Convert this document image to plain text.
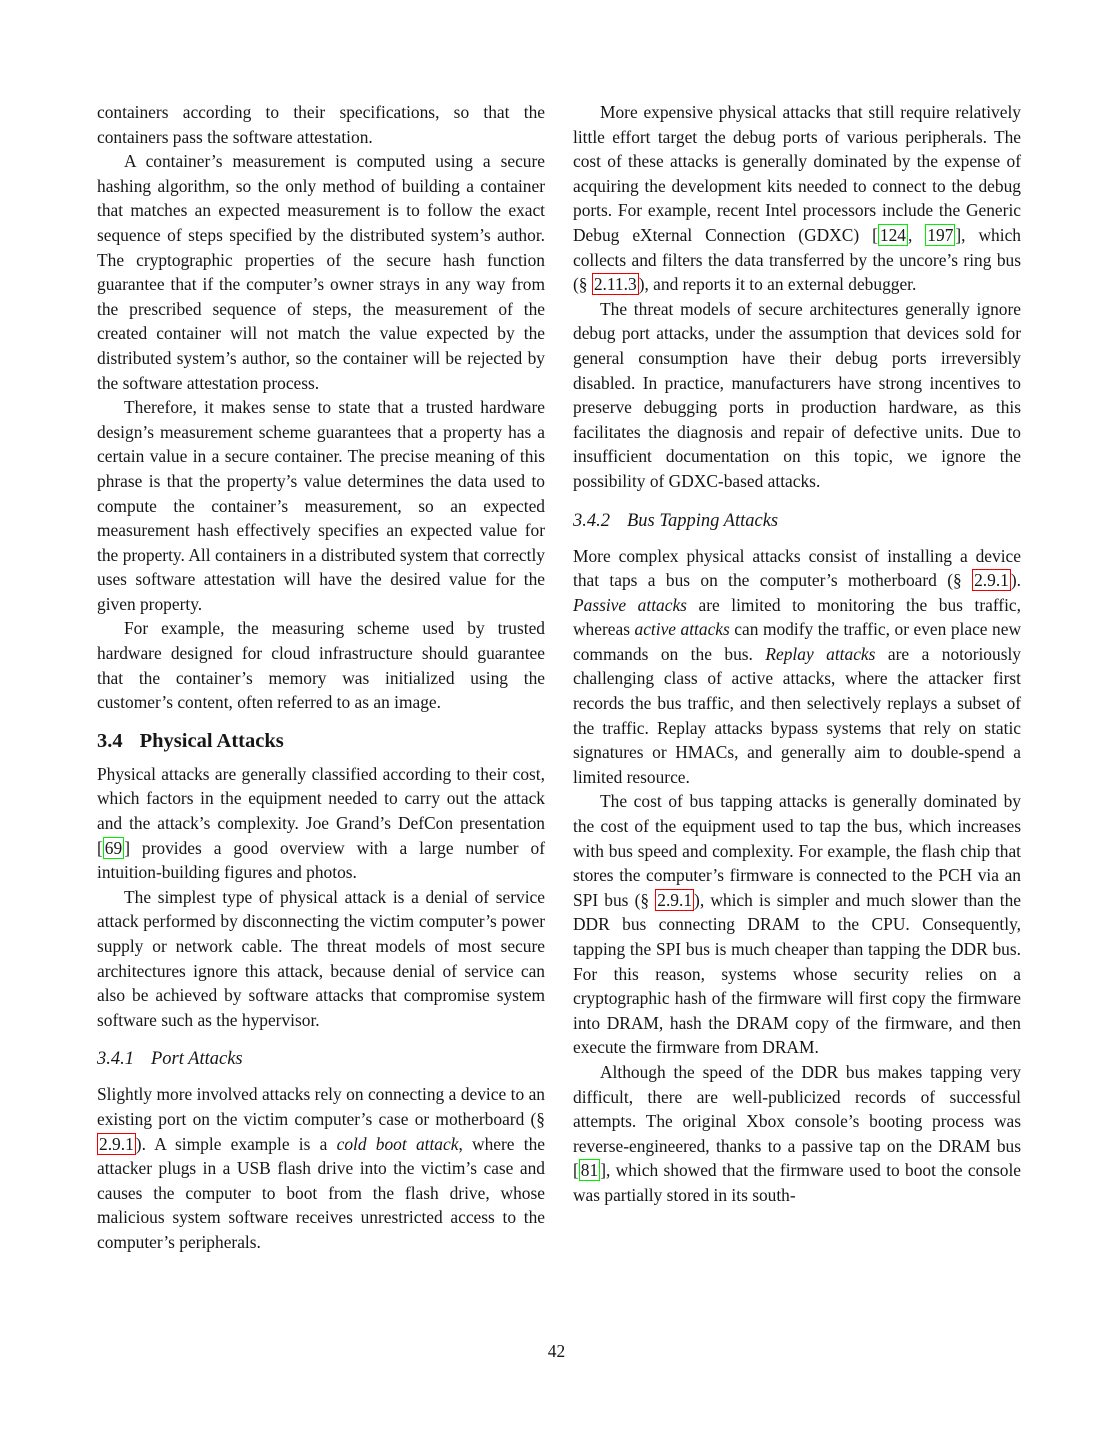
containers according to their specifications, so that the containers pass the software attestation.
A container’s measurement is computed using a secure hashing algorithm, so the only method of building a container that matches an expected measurement is to follow the exact sequence of steps specified by the distributed system’s author. The cryptographic properties of the secure hash function guarantee that if the computer’s owner strays in any way from the prescribed sequence of steps, the measurement of the created container will not match the value expected by the distributed system’s author, so the container will be rejected by the software attestation process.
Therefore, it makes sense to state that a trusted hardware design’s measurement scheme guarantees that a property has a certain value in a secure container. The precise meaning of this phrase is that the property’s value determines the data used to compute the container’s measurement, so an expected measurement hash effectively specifies an expected value for the property. All containers in a distributed system that correctly uses software attestation will have the desired value for the given property.
For example, the measuring scheme used by trusted hardware designed for cloud infrastructure should guarantee that the container’s memory was initialized using the customer’s content, often referred to as an image.
3.4 Physical Attacks
Physical attacks are generally classified according to their cost, which factors in the equipment needed to carry out the attack and the attack’s complexity. Joe Grand’s DefCon presentation [ 69 ] provides a good overview with a large number of intuition-building figures and photos.
The simplest type of physical attack is a denial of service attack performed by disconnecting the victim computer’s power supply or network cable. The threat models of most secure architectures ignore this attack, because denial of service can also be achieved by software attacks that compromise system software such as the hypervisor.
3.4.1 Port Attacks
Slightly more involved attacks rely on connecting a device to an existing port on the victim computer’s case or motherboard (§ 2.9.1 ). A simple example is a cold boot attack, where the attacker plugs in a USB flash drive into the victim’s case and causes the computer to boot from the flash drive, whose malicious system software receives unrestricted access to the computer’s peripherals.
More expensive physical attacks that still require relatively little effort target the debug ports of various peripherals. The cost of these attacks is generally dominated by the expense of acquiring the development kits needed to connect to the debug ports. For example, recent Intel processors include the Generic Debug eXternal Connection (GDXC) [ 124 , 197 ], which collects and filters the data transferred by the uncore’s ring bus (§ 2.11.3 ), and reports it to an external debugger.
The threat models of secure architectures generally ignore debug port attacks, under the assumption that devices sold for general consumption have their debug ports irreversibly disabled. In practice, manufacturers have strong incentives to preserve debugging ports in production hardware, as this facilitates the diagnosis and repair of defective units. Due to insufficient documentation on this topic, we ignore the possibility of GDXC-based attacks.
3.4.2 Bus Tapping Attacks
More complex physical attacks consist of installing a device that taps a bus on the computer’s motherboard (§ 2.9.1 ). Passive attacks are limited to monitoring the bus traffic, whereas active attacks can modify the traffic, or even place new commands on the bus. Replay attacks are a notoriously challenging class of active attacks, where the attacker first records the bus traffic, and then selectively replays a subset of the traffic. Replay attacks bypass systems that rely on static signatures or HMACs, and generally aim to double-spend a limited resource.
The cost of bus tapping attacks is generally dominated by the cost of the equipment used to tap the bus, which increases with bus speed and complexity. For example, the flash chip that stores the computer’s firmware is connected to the PCH via an SPI bus (§ 2.9.1 ), which is simpler and much slower than the DDR bus connecting DRAM to the CPU. Consequently, tapping the SPI bus is much cheaper than tapping the DDR bus. For this reason, systems whose security relies on a cryptographic hash of the firmware will first copy the firmware into DRAM, hash the DRAM copy of the firmware, and then execute the firmware from DRAM.
Although the speed of the DDR bus makes tapping very difficult, there are well-publicized records of successful attempts. The original Xbox console’s booting process was reverse-engineered, thanks to a passive tap on the DRAM bus [ 81 ], which showed that the firmware used to boot the console was partially stored in its south-
42
